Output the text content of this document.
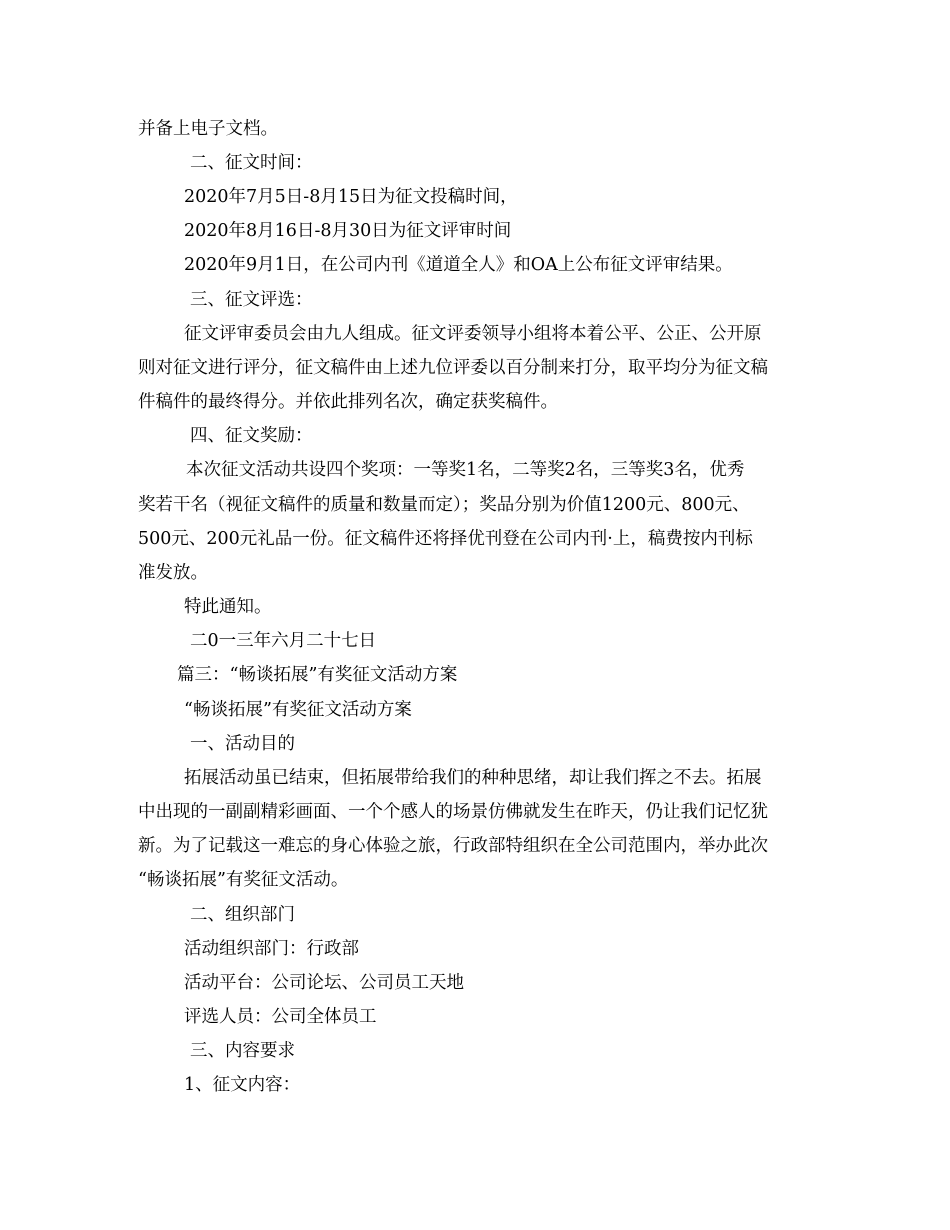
并备上电子文档。
二、征文时间：
2020年7月5日-8月15日为征文投稿时间，
2020年8月16日-8月30日为征文评审时间
2020年9月1日，在公司内刊《道道全人》和OA上公布征文评审结果。
三、征文评选：
征文评审委员会由九人组成。征文评委领导小组将本着公平、公正、公开原
则对征文进行评分，征文稿件由上述九位评委以百分制来打分，取平均分为征文稿
件稿件的最终得分。并依此排列名次，确定获奖稿件。
四、征文奖励：
本次征文活动共设四个奖项：一等奖1名，二等奖2名，三等奖3名，优秀
奖若干名（视征文稿件的质量和数量而定）；奖品分别为价值1200元、800元、
500元、200元礼品一份。征文稿件还将择优刊登在公司内刊·上，稿费按内刊标
准发放。
特此通知。
二0一三年六月二十七日
篇三：“畅谈拓展”有奖征文活动方案
“畅谈拓展”有奖征文活动方案
一、活动目的
拓展活动虽已结束，但拓展带给我们的种种思绪，却让我们挥之不去。拓展
中出现的一副副精彩画面、一个个感人的场景仿佛就发生在昨天，仍让我们记忆犹
新。为了记载这一难忘的身心体验之旅，行政部特组织在全公司范围内，举办此次
“畅谈拓展”有奖征文活动。
二、组织部门
活动组织部门：行政部
活动平台：公司论坛、公司员工天地
评选人员：公司全体员工
三、内容要求
1、征文内容：
